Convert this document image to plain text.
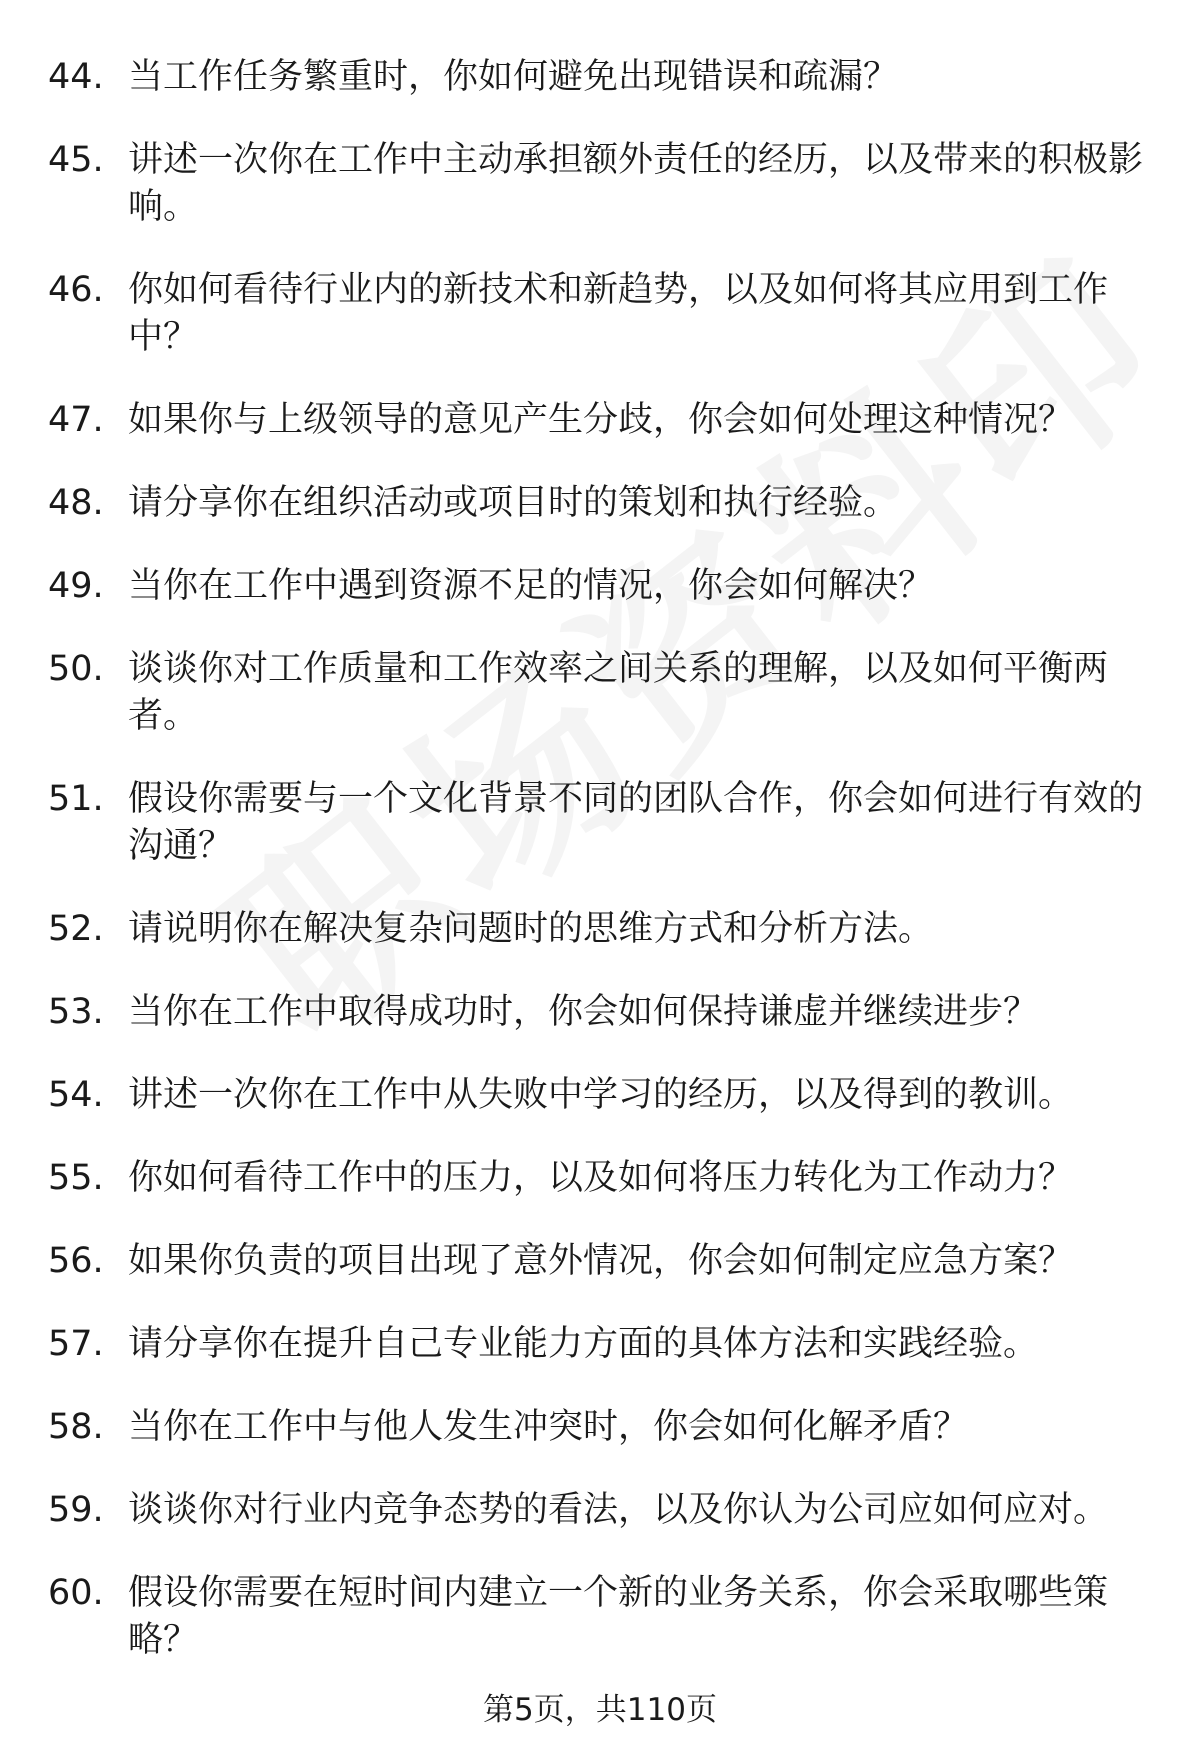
44. 当工作任务繁重时，你如何避免出现错误和疏漏？
45. 讲述一次你在工作中主动承担额外责任的经历，以及带来的积极影响。
46. 你如何看待行业内的新技术和新趋势，以及如何将其应用到工作中？
47. 如果你与上级领导的意见产生分歧，你会如何处理这种情况？
48. 请分享你在组织活动或项目时的策划和执行经验。
49. 当你在工作中遇到资源不足的情况，你会如何解决？
50. 谈谈你对工作质量和工作效率之间关系的理解，以及如何平衡两者。
51. 假设你需要与一个文化背景不同的团队合作，你会如何进行有效的沟通？
52. 请说明你在解决复杂问题时的思维方式和分析方法。
53. 当你在工作中取得成功时，你会如何保持谦虚并继续进步？
54. 讲述一次你在工作中从失败中学习的经历，以及得到的教训。
55. 你如何看待工作中的压力，以及如何将压力转化为工作动力？
56. 如果你负责的项目出现了意外情况，你会如何制定应急方案？
57. 请分享你在提升自己专业能力方面的具体方法和实践经验。
58. 当你在工作中与他人发生冲突时，你会如何化解矛盾？
59. 谈谈你对行业内竞争态势的看法，以及你认为公司应如何应对。
60. 假设你需要在短时间内建立一个新的业务关系，你会采取哪些策略？
第5页，共110页
